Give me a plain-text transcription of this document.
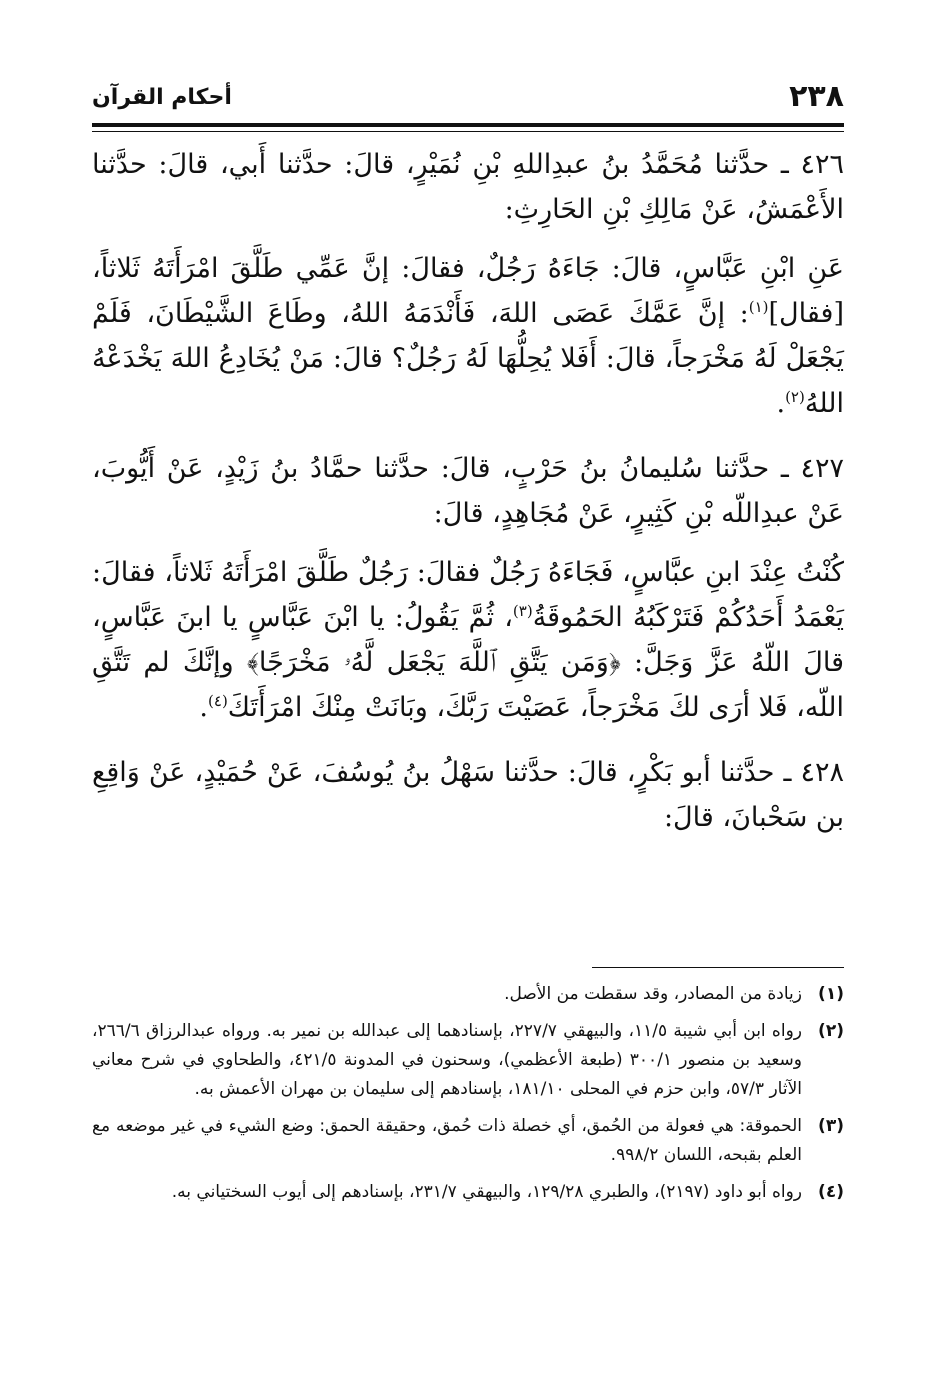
٢٣٨
أحكام القرآن

٤٢٦ ـ حدَّثنا مُحَمَّدُ بنُ عبدِاللهِ بْنِ نُمَيْرٍ، قالَ: حدَّثنا أَبي، قالَ: حدَّثنا الأَعْمَشُ، عَنْ مَالِكِ بْنِ الحَارِثِ:

عَنِ ابْنِ عَبَّاسٍ، قالَ: جَاءَهُ رَجُلٌ، فقالَ: إنَّ عَمِّي طَلَّقَ امْرَأَتَهُ ثَلاثاً، [فقال]$^{(١)}$: إنَّ عَمَّكَ عَصَى اللهَ، فَأَنْدَمَهُ اللهُ، وطَاعَ الشَّيْطَانَ، فَلَمْ يَجْعَلْ لَهُ مَخْرَجاً، قالَ: أَفَلا يُحِلُّهَا لَهُ رَجُلٌ؟ قالَ: مَنْ يُخَادِعُ اللهَ يَخْدَعْهُ اللهُ$^{(٢)}$.

٤٢٧ ـ حدَّثنا سُليمانُ بنُ حَرْبٍ، قالَ: حدَّثنا حمَّادُ بنُ زَيْدٍ، عَنْ أَيُّوبَ، عَنْ عبدِاللّه بْنِ كَثِيرٍ، عَنْ مُجَاهِدٍ، قالَ:

كُنْتُ عِنْدَ ابنِ عبَّاسٍ، فَجَاءَهُ رَجُلٌ فقالَ: رَجُلٌ طَلَّقَ امْرَأَتَهُ ثَلاثاً، فقالَ: يَعْمَدُ أَحَدُكُمْ فَتَرْكَبُهُ الحَمُوقَةُ$^{(٣)}$، ثُمَّ يَقُولُ: يا ابْنَ عَبَّاسٍ يا ابنَ عَبَّاسٍ، قالَ اللّهُ عَزَّ وَجَلَّ: ﴿وَمَن يَتَّقِ ٱللَّهَ يَجْعَل لَّهُۥ مَخْرَجًا﴾ وإنَّكَ لم تَتَّقِ اللّه، فَلا أرَى لكَ مَخْرَجاً، عَصَيْتَ رَبَّكَ، وبَانَتْ مِنْكَ امْرَأَتَكَ$^{(٤)}$.

٤٢٨ ـ حدَّثنا أبو بَكْرٍ، قالَ: حدَّثنا سَهْلُ بنُ يُوسُفَ، عَنْ حُمَيْدٍ، عَنْ وَاقِعِ بن سَحْبانَ، قالَ:

(١)
زيادة من المصادر، وقد سقطت من الأصل.
(٢)
رواه ابن أبي شيبة ١١/٥، والبيهقي ٢٢٧/٧، بإسنادهما إلى عبدالله بن نمير به. ورواه عبدالرزاق ٢٦٦/٦، وسعيد بن منصور ٣٠٠/١ (طبعة الأعظمي)، وسحنون في المدونة ٤٢١/٥، والطحاوي في شرح معاني الآثار ٥٧/٣، وابن حزم في المحلى ١٨١/١٠، بإسنادهم إلى سليمان بن مهران الأعمش به.
(٣)
الحموقة: هي فعولة من الحُمق، أي خصلة ذات حُمق، وحقيقة الحمق: وضع الشيء في غير موضعه مع العلم بقبحه، اللسان ٩٩٨/٢.
(٤)
رواه أبو داود (٢١٩٧)، والطبري ١٢٩/٢٨، والبيهقي ٢٣١/٧، بإسنادهم إلى أيوب السختياني به.
